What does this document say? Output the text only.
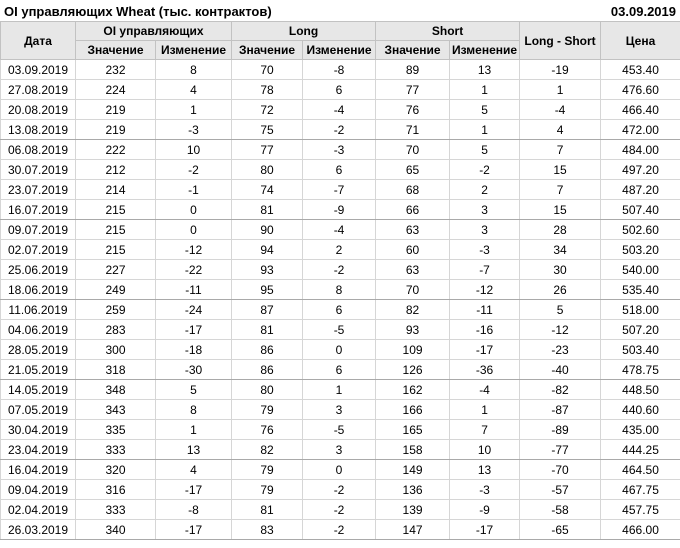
OI управляющих Wheat (тыс. контрактов)	03.09.2019
Дата	OI управляющих		Long		Short		Long - Short	Цена
	Значение	Изменение	Значение	Изменение	Значение	Изменение		
03.09.2019	232	8	70	-8	89	13	-19	453.40
27.08.2019	224	4	78	6	77	1	1	476.60
20.08.2019	219	1	72	-4	76	5	-4	466.40
13.08.2019	219	-3	75	-2	71	1	4	472.00
06.08.2019	222	10	77	-3	70	5	7	484.00
30.07.2019	212	-2	80	6	65	-2	15	497.20
23.07.2019	214	-1	74	-7	68	2	7	487.20
16.07.2019	215	0	81	-9	66	3	15	507.40
09.07.2019	215	0	90	-4	63	3	28	502.60
02.07.2019	215	-12	94	2	60	-3	34	503.20
25.06.2019	227	-22	93	-2	63	-7	30	540.00
18.06.2019	249	-11	95	8	70	-12	26	535.40
11.06.2019	259	-24	87	6	82	-11	5	518.00
04.06.2019	283	-17	81	-5	93	-16	-12	507.20
28.05.2019	300	-18	86	0	109	-17	-23	503.40
21.05.2019	318	-30	86	6	126	-36	-40	478.75
14.05.2019	348	5	80	1	162	-4	-82	448.50
07.05.2019	343	8	79	3	166	1	-87	440.60
30.04.2019	335	1	76	-5	165	7	-89	435.00
23.04.2019	333	13	82	3	158	10	-77	444.25
16.04.2019	320	4	79	0	149	13	-70	464.50
09.04.2019	316	-17	79	-2	136	-3	-57	467.75
02.04.2019	333	-8	81	-2	139	-9	-58	457.75
26.03.2019	340	-17	83	-2	147	-17	-65	466.00
